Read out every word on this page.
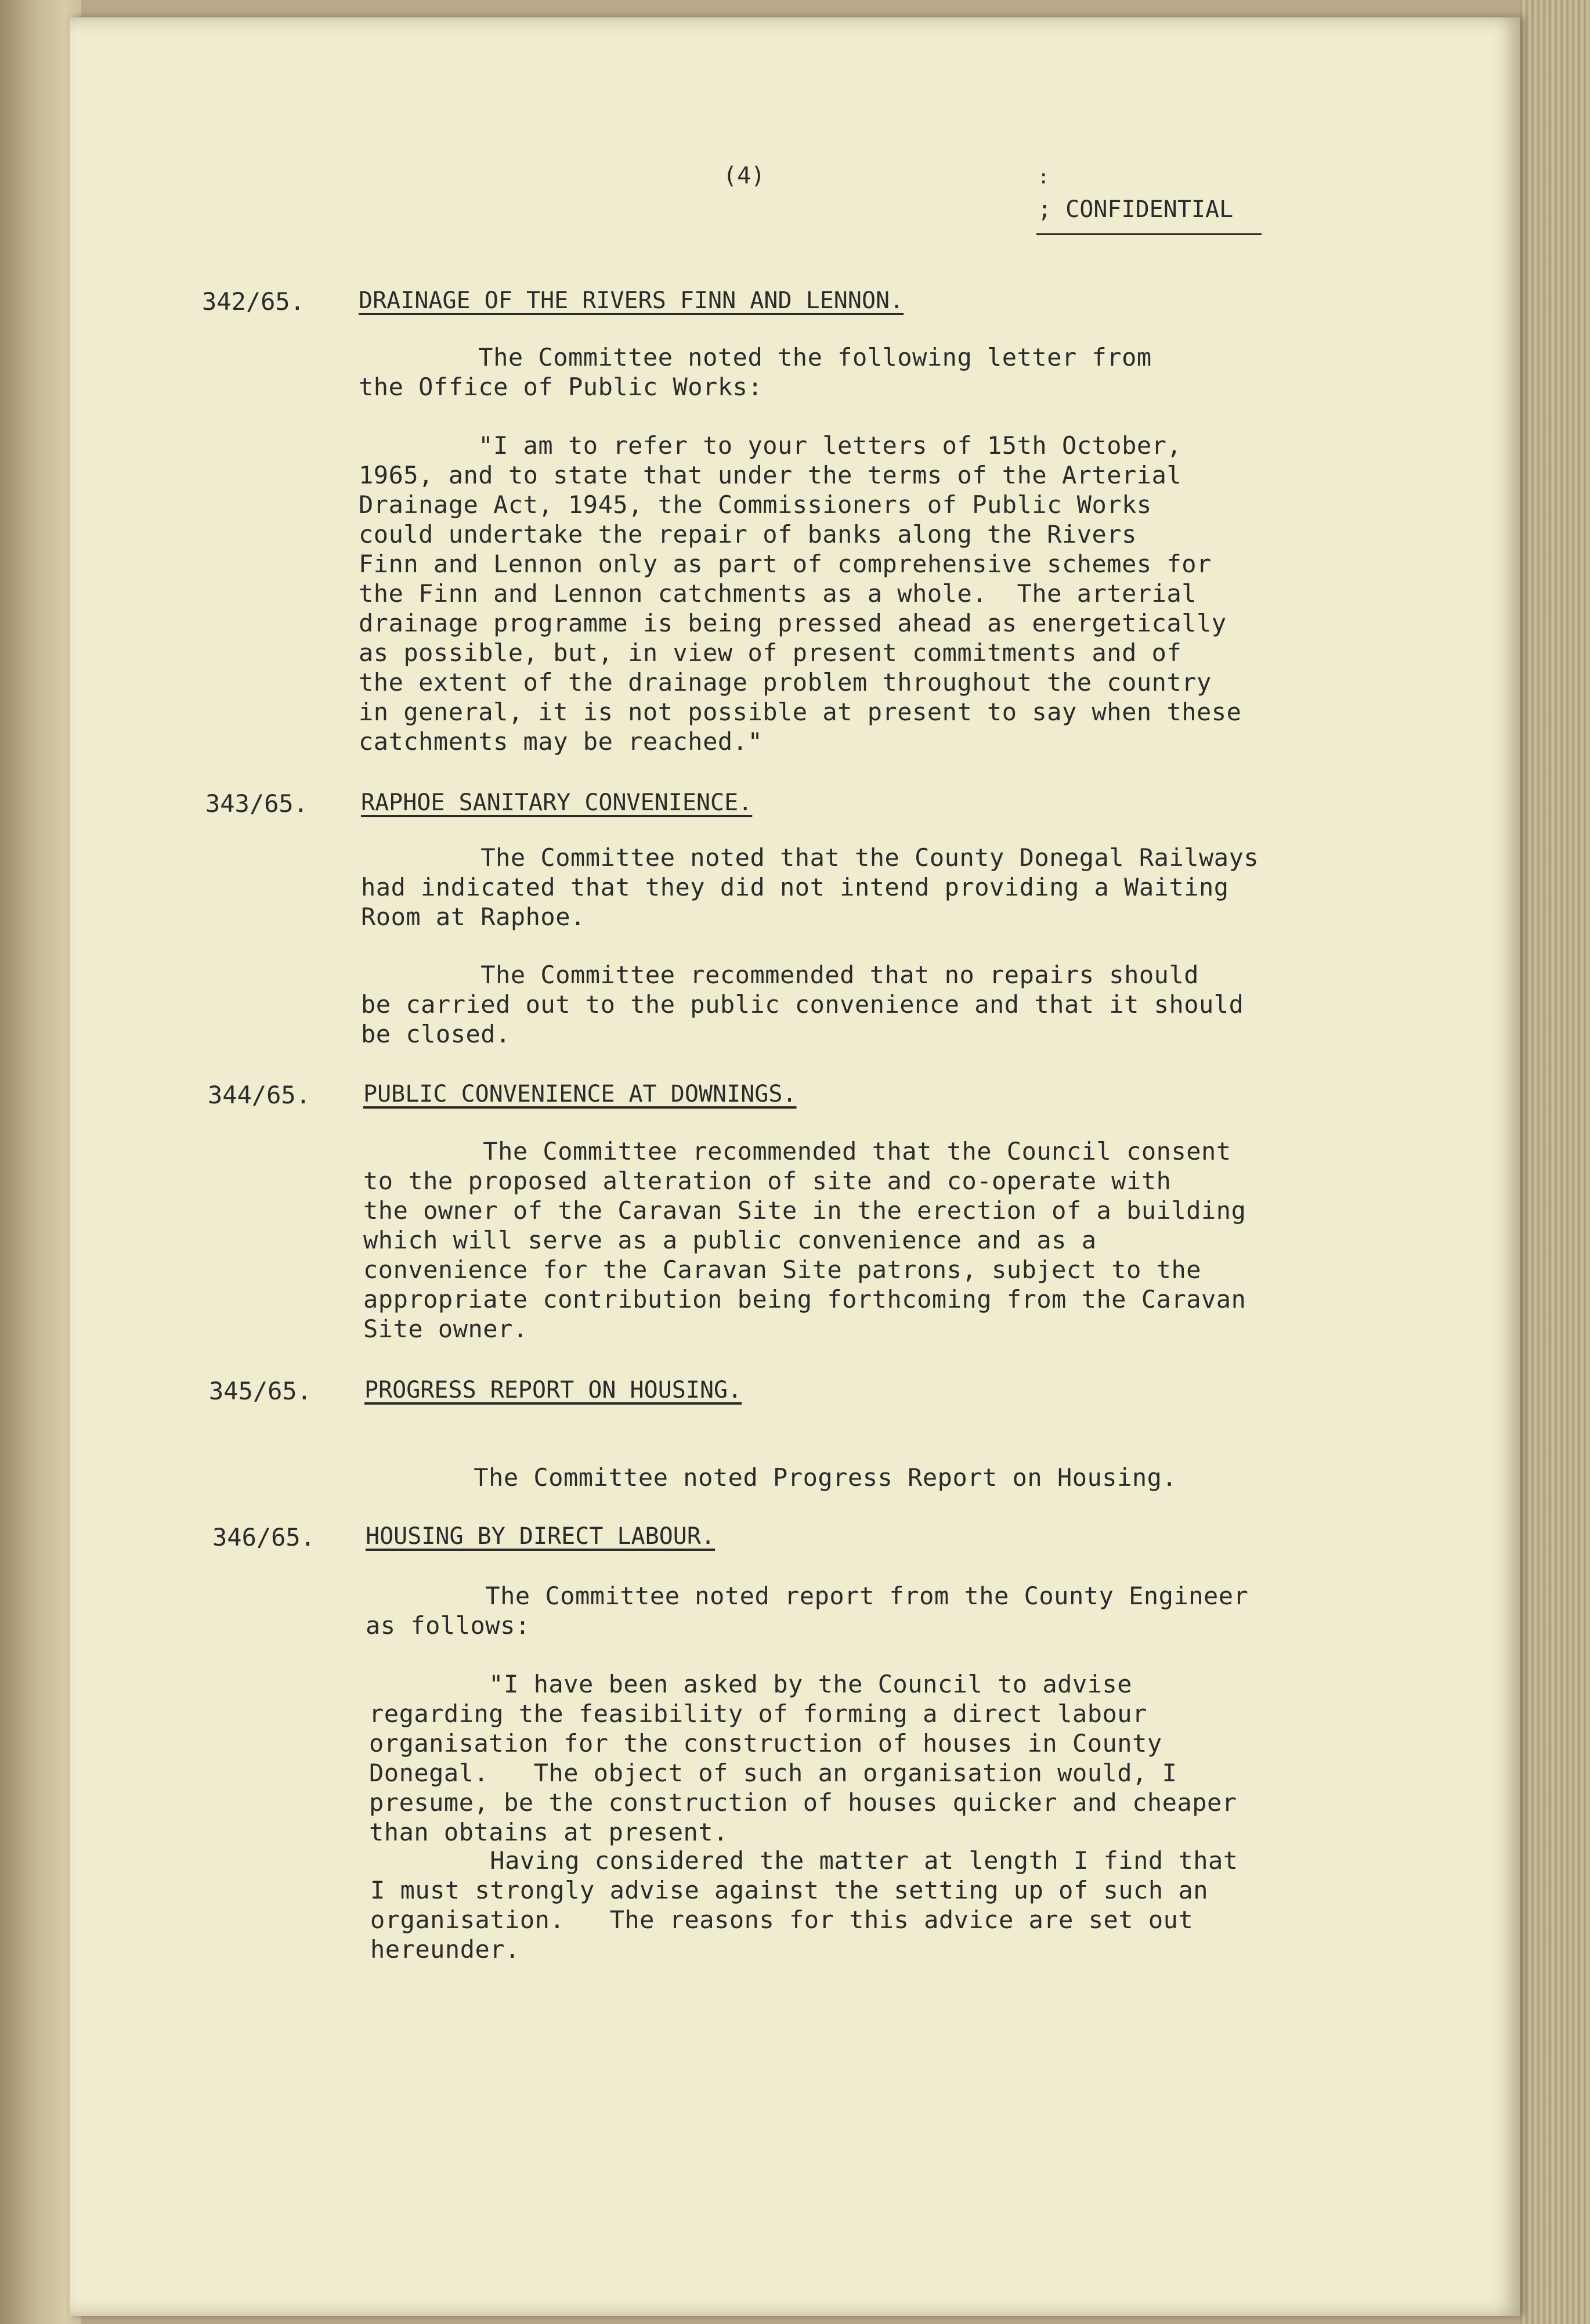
(4)	:
; CONFIDENTIAL
342/65. DRAINAGE OF THE RIVERS FINN AND LENNON.
The Committee noted the following letter from
the Office of Public Works:
"I am to refer to your letters of 15th October,
1965, and to state that under the terms of the Arterial
Drainage Act, 1945, the Commissioners of Public Works
could undertake the repair of banks along the Rivers
Finn and Lennon only as part of comprehensive schemes for
the Finn and Lennon catchments as a whole.  The arterial
drainage programme is being pressed ahead as energetically
as possible, but, in view of present commitments and of
the extent of the drainage problem throughout the country
in general, it is not possible at present to say when these
catchments may be reached."
343/65. RAPHOE SANITARY CONVENIENCE.
The Committee noted that the County Donegal Railways
had indicated that they did not intend providing a Waiting
Room at Raphoe.
The Committee recommended that no repairs should
be carried out to the public convenience and that it should
be closed.
344/65. PUBLIC CONVENIENCE AT DOWNINGS.
The Committee recommended that the Council consent
to the proposed alteration of site and co-operate with
the owner of the Caravan Site in the erection of a building
which will serve as a public convenience and as a
convenience for the Caravan Site patrons, subject to the
appropriate contribution being forthcoming from the Caravan
Site owner.
345/65. PROGRESS REPORT ON HOUSING.
The Committee noted Progress Report on Housing.
346/65. HOUSING BY DIRECT LABOUR.
The Committee noted report from the County Engineer
as follows:
"I have been asked by the Council to advise
regarding the feasibility of forming a direct labour
organisation for the construction of houses in County
Donegal.   The object of such an organisation would, I
presume, be the construction of houses quicker and cheaper
than obtains at present.
Having considered the matter at length I find that
I must strongly advise against the setting up of such an
organisation.   The reasons for this advice are set out
hereunder.
